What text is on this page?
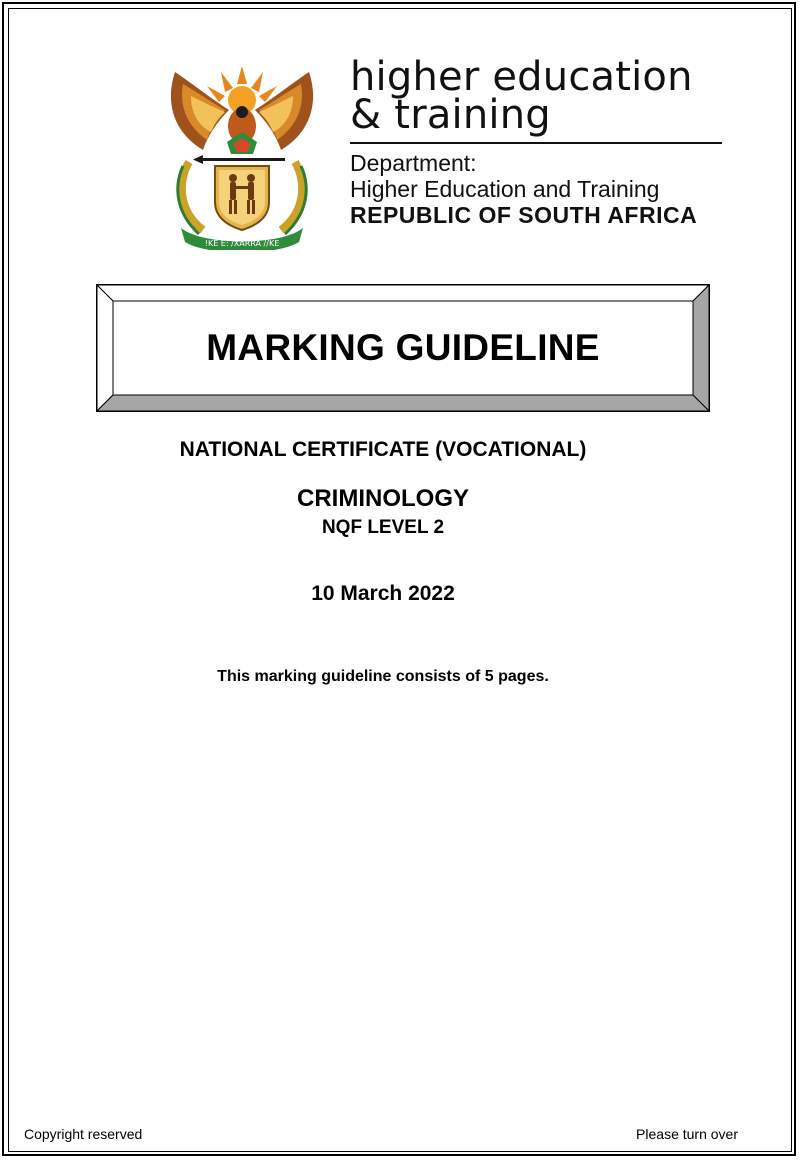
!KE E: /XARRA //KE
higher education
& training
Department:
Higher Education and Training
REPUBLIC OF SOUTH AFRICA
MARKING GUIDELINE
NATIONAL CERTIFICATE (VOCATIONAL)
CRIMINOLOGY
NQF LEVEL 2
10 March 2022
This marking guideline consists of 5 pages.
Copyright reserved	Please turn over
